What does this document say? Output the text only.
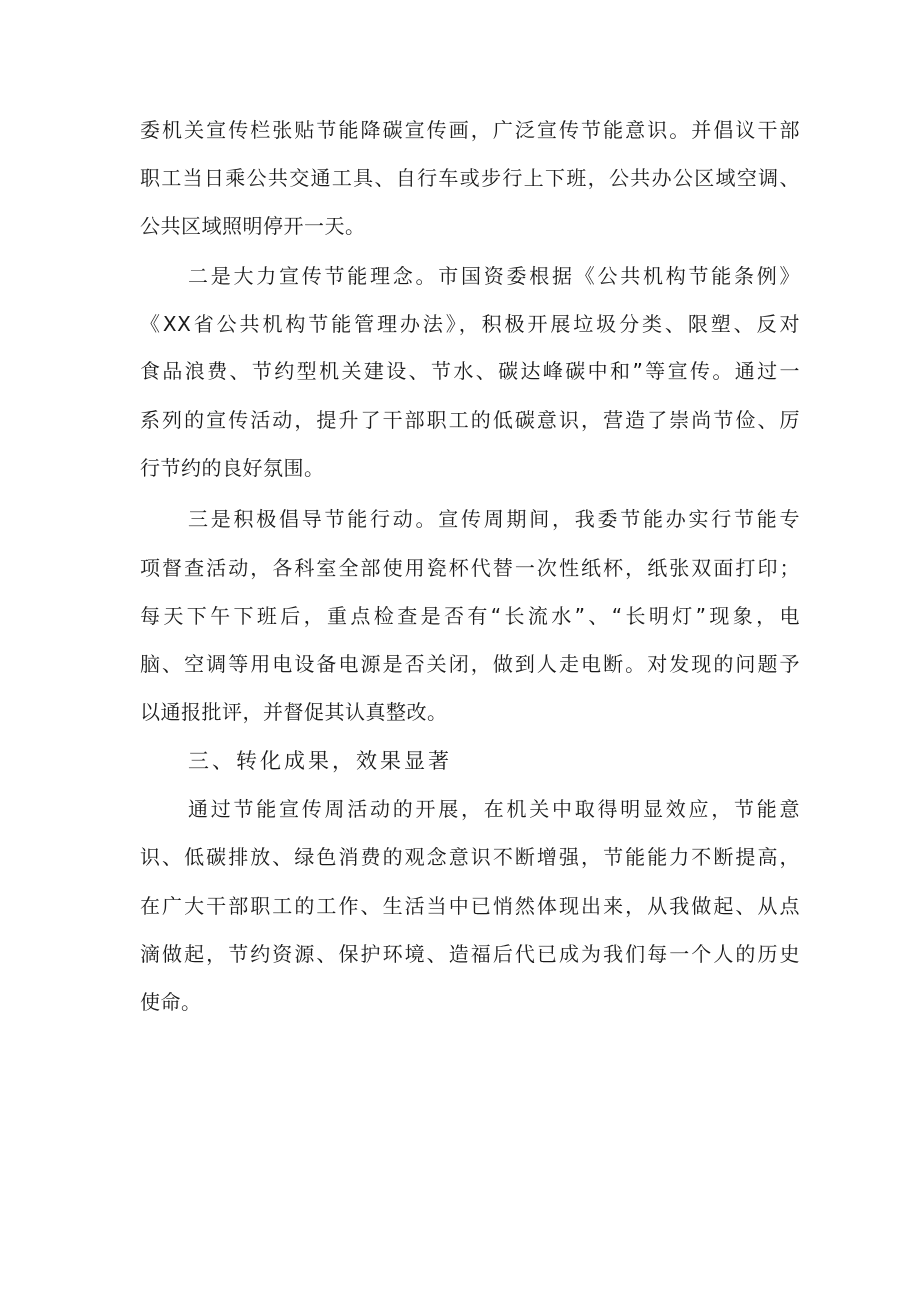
委机关宣传栏张贴节能降碳宣传画，广泛宣传节能意识。并倡议干部
职工当日乘公共交通工具、自行车或步行上下班，公共办公区域空调、
公共区域照明停开一天。
二是大力宣传节能理念。市国资委根据《公共机构节能条例》
《XX省公共机构节能管理办法》，积极开展垃圾分类、限塑、反对
食品浪费、节约型机关建设、节水、碳达峰碳中和”等宣传。通过一
系列的宣传活动，提升了干部职工的低碳意识，营造了崇尚节俭、厉
行节约的良好氛围。
三是积极倡导节能行动。宣传周期间，我委节能办实行节能专
项督查活动，各科室全部使用瓷杯代替一次性纸杯，纸张双面打印；
每天下午下班后，重点检查是否有“长流水”、“长明灯”现象，电
脑、空调等用电设备电源是否关闭，做到人走电断。对发现的问题予
以通报批评，并督促其认真整改。
三、转化成果，效果显著
通过节能宣传周活动的开展，在机关中取得明显效应，节能意
识、低碳排放、绿色消费的观念意识不断增强，节能能力不断提高，
在广大干部职工的工作、生活当中已悄然体现出来，从我做起、从点
滴做起，节约资源、保护环境、造福后代已成为我们每一个人的历史
使命。
